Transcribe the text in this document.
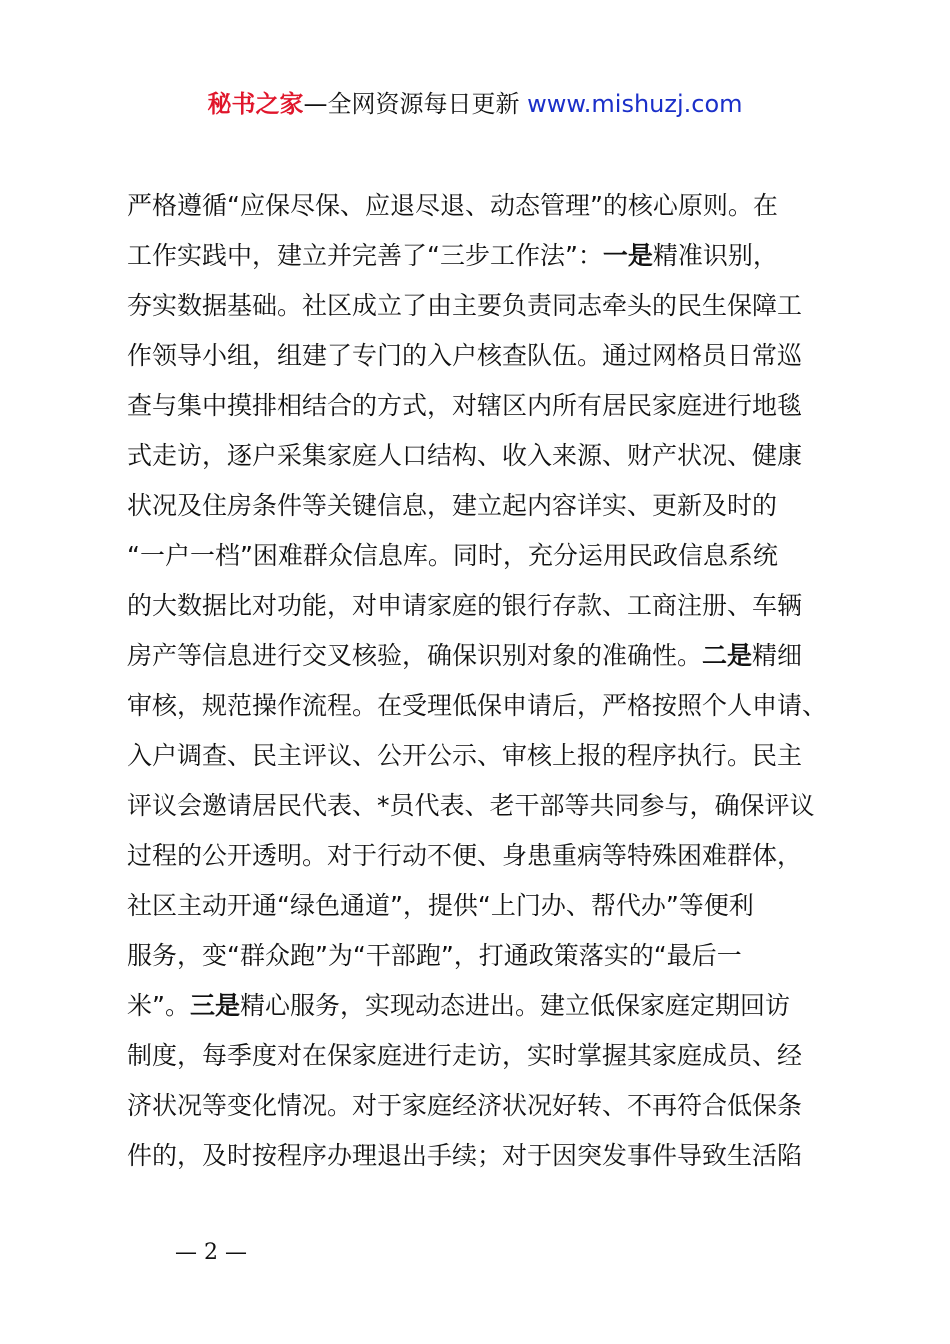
秘书之家—全网资源每日更新 www.mishuzj.com
严格遵循“应保尽保、应退尽退、动态管理”的核心原则。在
工作实践中，建立并完善了“三步工作法”：一是精准识别，
夯实数据基础。社区成立了由主要负责同志牵头的民生保障工
作领导小组，组建了专门的入户核查队伍。通过网格员日常巡
查与集中摸排相结合的方式，对辖区内所有居民家庭进行地毯
式走访，逐户采集家庭人口结构、收入来源、财产状况、健康
状况及住房条件等关键信息，建立起内容详实、更新及时的
“一户一档”困难群众信息库。同时，充分运用民政信息系统
的大数据比对功能，对申请家庭的银行存款、工商注册、车辆
房产等信息进行交叉核验，确保识别对象的准确性。二是精细
审核，规范操作流程。在受理低保申请后，严格按照个人申请、
入户调查、民主评议、公开公示、审核上报的程序执行。民主
评议会邀请居民代表、*员代表、老干部等共同参与，确保评议
过程的公开透明。对于行动不便、身患重病等特殊困难群体，
社区主动开通“绿色通道”，提供“上门办、帮代办”等便利
服务，变“群众跑”为“干部跑”，打通政策落实的“最后一
米”。三是精心服务，实现动态进出。建立低保家庭定期回访
制度，每季度对在保家庭进行走访，实时掌握其家庭成员、经
济状况等变化情况。对于家庭经济状况好转、不再符合低保条
件的，及时按程序办理退出手续；对于因突发事件导致生活陷
— 2 —
